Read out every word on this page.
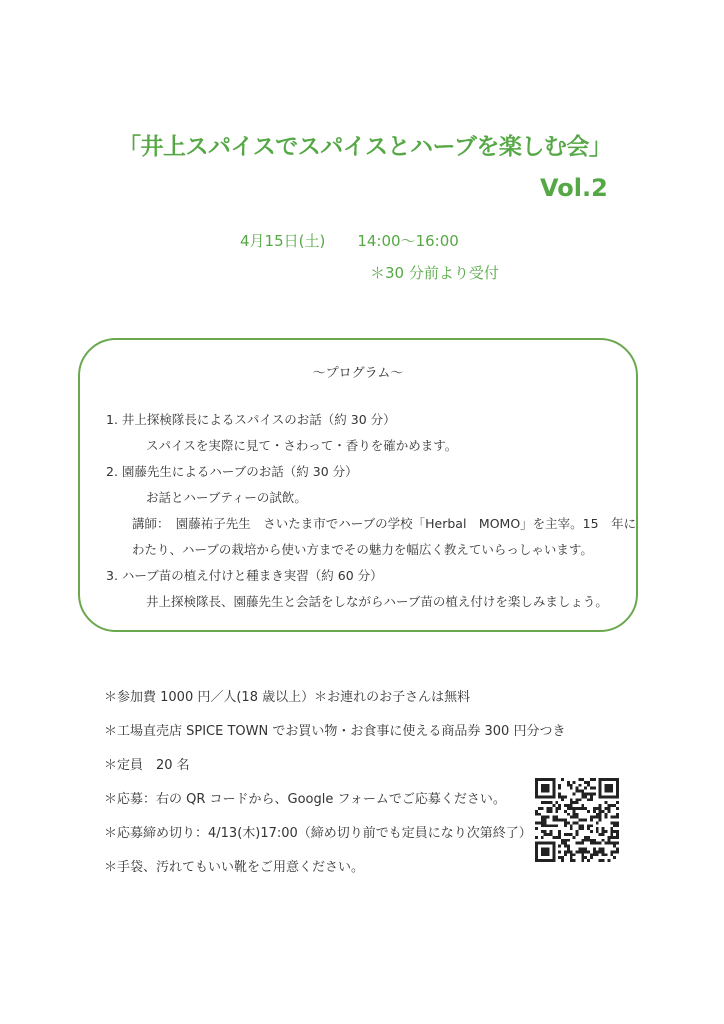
「井上スパイスでスパイスとハーブを楽しむ会」
Vol.2
4月15日(土) 14:00〜16:00
＊30 分前より受付
〜プログラム〜
1. 井上探検隊長によるスパイスのお話（約 30 分）
スパイスを実際に見て・さわって・香りを確かめます。
2. 園藤先生によるハーブのお話（約 30 分）
お話とハーブティーの試飲。
講師：　園藤祐子先生　さいたま市でハーブの学校「Herbal　MOMO」を主宰。15　年に
わたり、ハーブの栽培から使い方までその魅力を幅広く教えていらっしゃいます。
3. ハーブ苗の植え付けと種まき実習（約 60 分）
井上探検隊長、園藤先生と会話をしながらハーブ苗の植え付けを楽しみましょう。
＊参加費 1000 円／人(18 歳以上）＊お連れのお子さんは無料
＊工場直売店 SPICE TOWN でお買い物・お食事に使える商品券 300 円分つき
＊定員　20 名
＊応募：右の QR コードから、Google フォームでご応募ください。
＊応募締め切り：4/13(木)17:00（締め切り前でも定員になり次第終了）
＊手袋、汚れてもいい靴をご用意ください。
